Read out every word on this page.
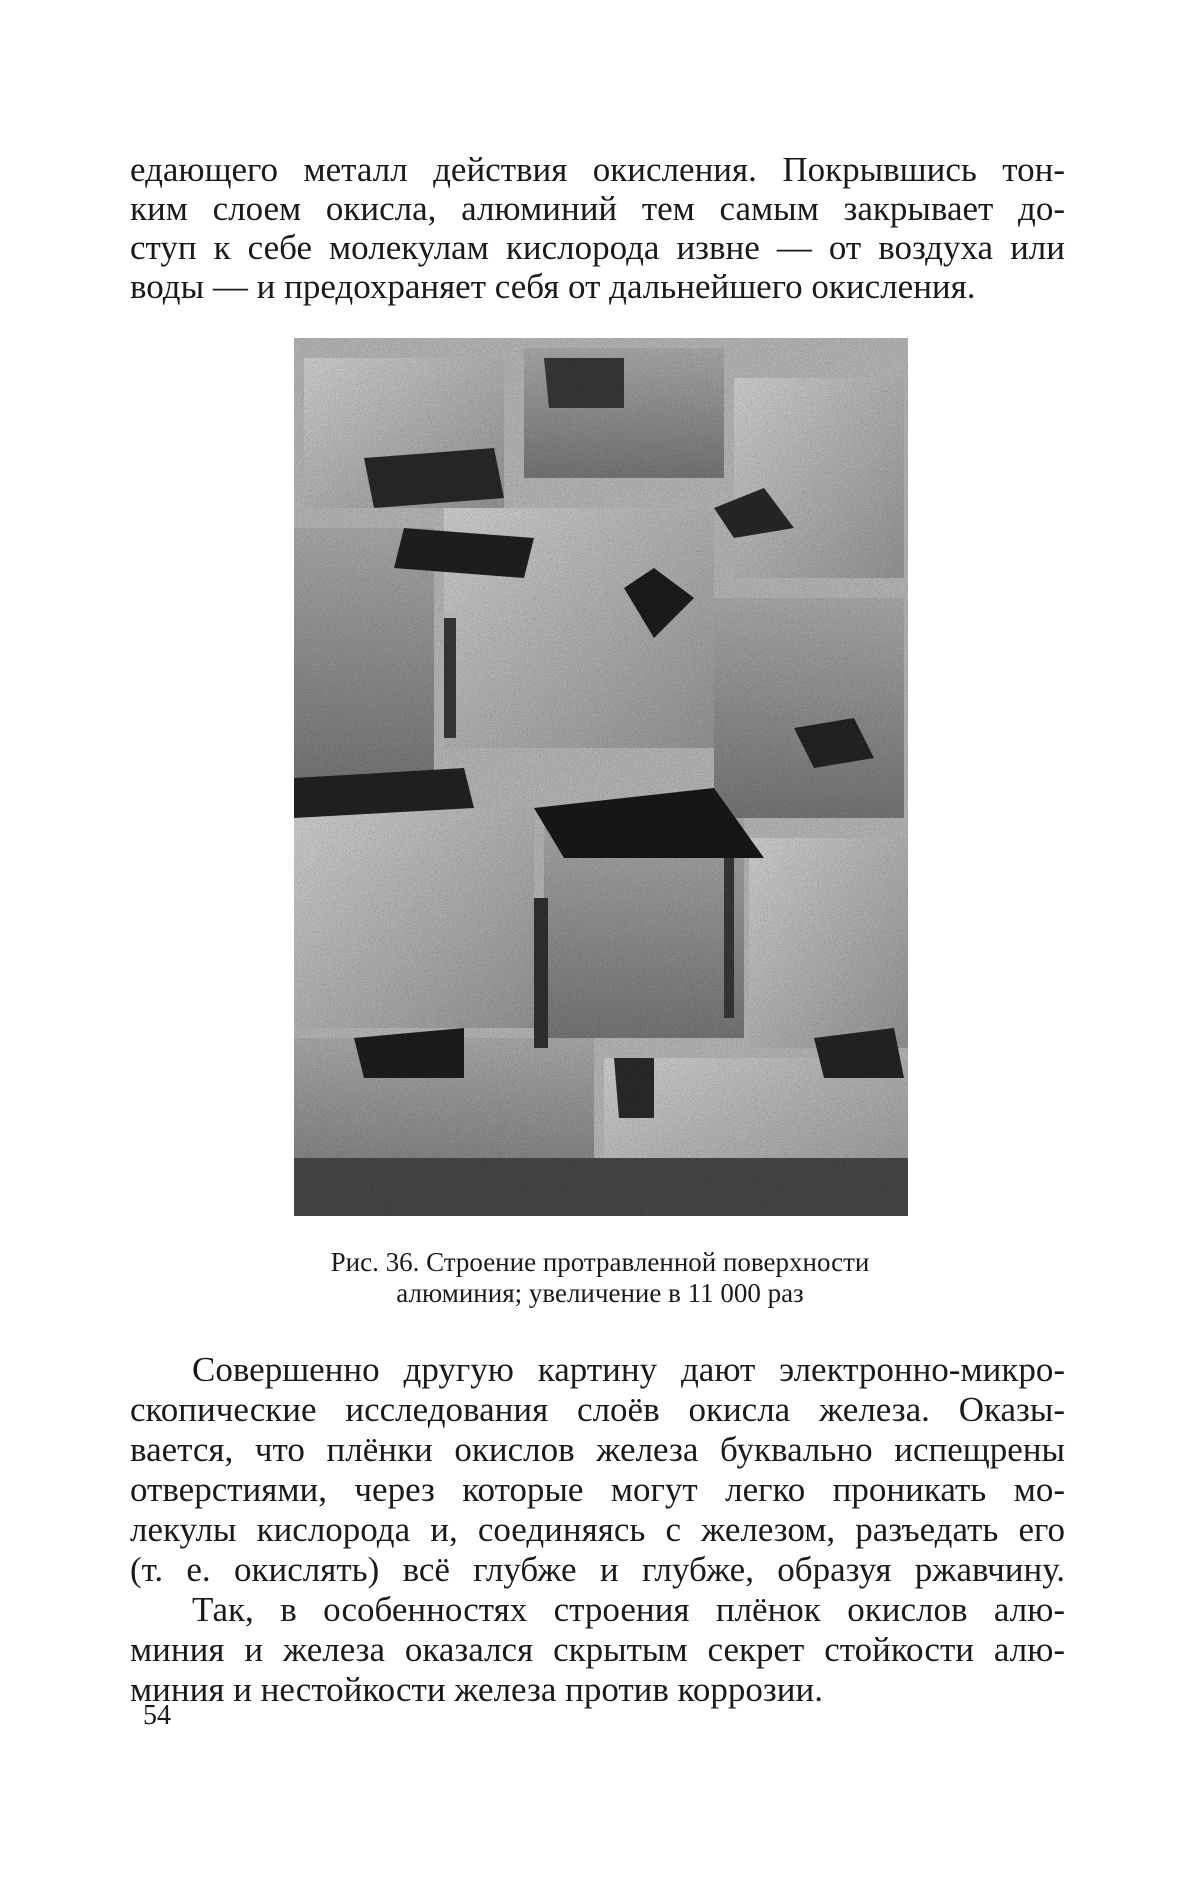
едающего металл действия окисления. Покрывшись тон-
ким слоем окисла, алюминий тем самым закрывает до-
ступ к себе молекулам кислорода извне — от воздуха или
воды — и предохраняет себя от дальнейшего окисления.
Рис. 36. Строение протравленной поверхности
алюминия; увеличение в 11 000 раз
Совершенно другую картину дают электронно-микро-
скопические исследования слоёв окисла железа. Оказы-
вается, что плёнки окислов железа буквально испещрены
отверстиями, через которые могут легко проникать мо-
лекулы кислорода и, соединяясь с железом, разъедать его
(т. е. окислять) всё глубже и глубже, образуя ржавчину.
Так, в особенностях строения плёнок окислов алю-
миния и железа оказался скрытым секрет стойкости алю-
миния и нестойкости железа против коррозии.
54
